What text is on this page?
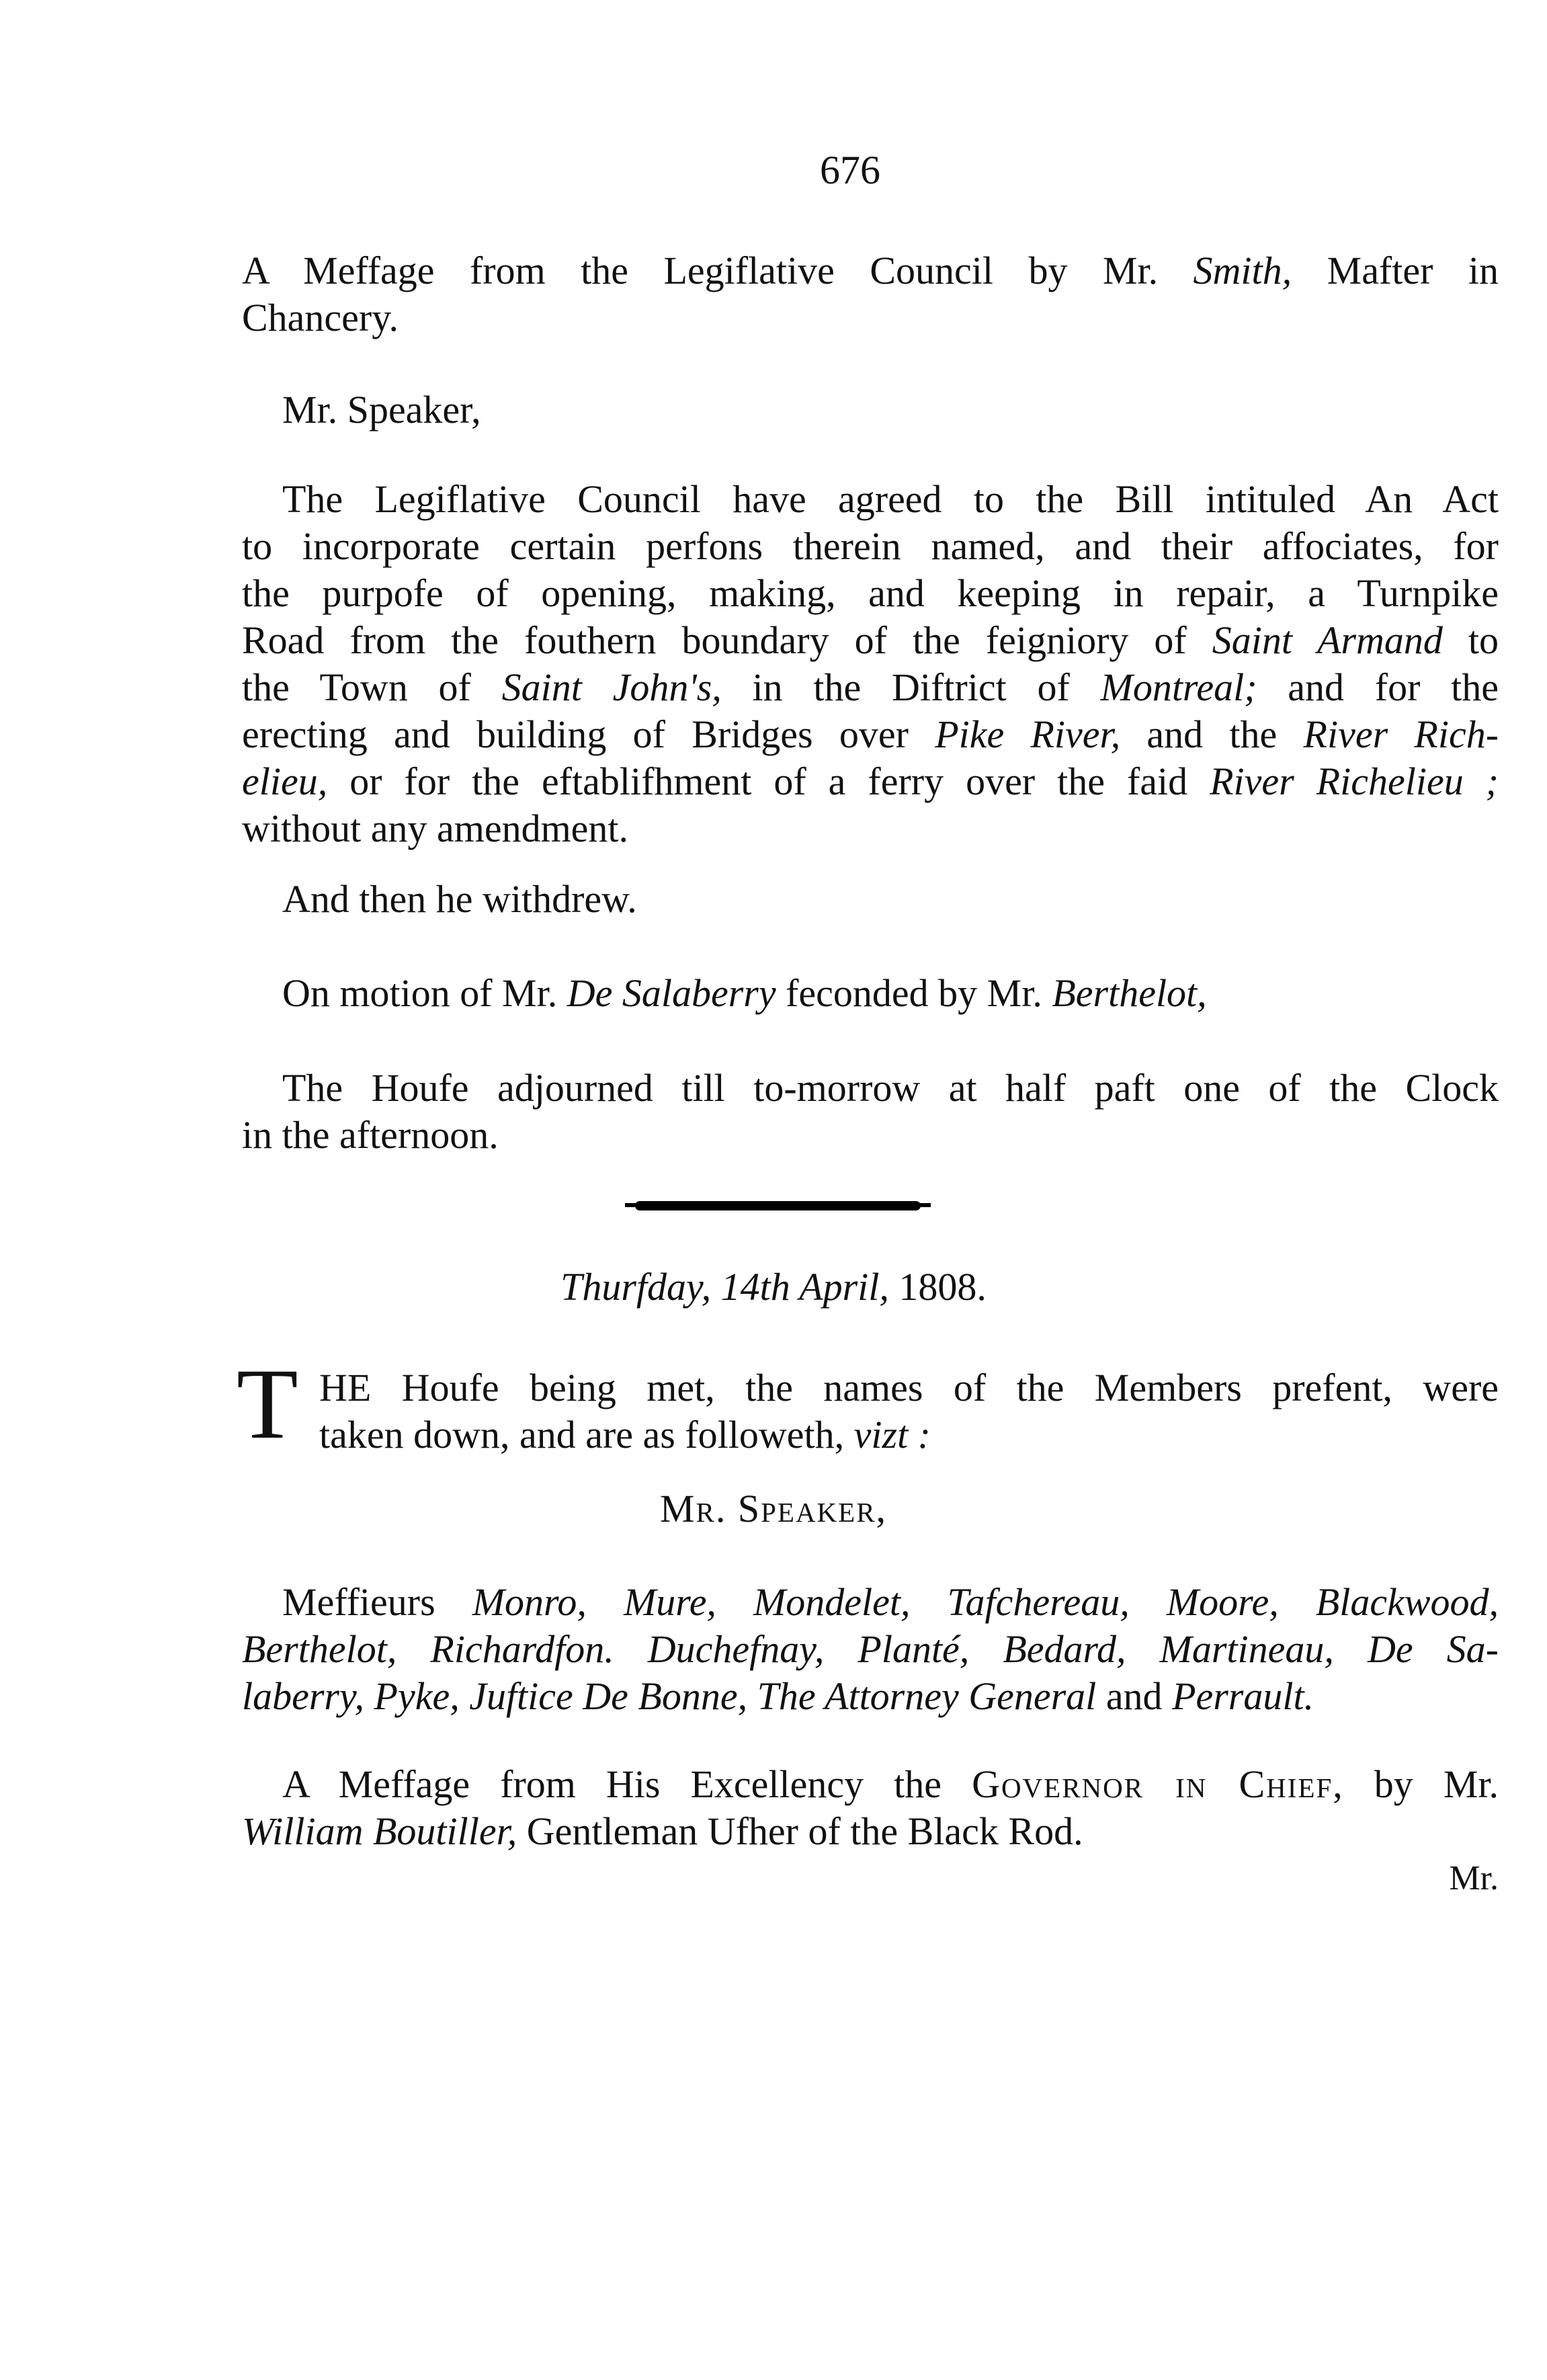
676
A Meffage from the Legiflative Council by Mr. Smith, Mafter in
Chancery.
Mr. Speaker,
The Legiflative Council have agreed to the Bill intituled An Act
to incorporate certain perfons therein named, and their affociates, for
the purpofe of opening, making, and keeping in repair, a Turnpike
Road from the fouthern boundary of the feigniory of Saint Armand to
the Town of Saint John's, in the Diftrict of Montreal; and for the
erecting and building of Bridges over Pike River, and the River Rich-
elieu, or for the eftablifhment of a ferry over the faid River Richelieu ;
without any amendment.
And then he withdrew.
On motion of Mr. De Salaberry feconded by Mr. Berthelot,
The Houfe adjourned till to-morrow at half paft one of the Clock
in the afternoon.
Thurfday, 14th April, 1808.
T HE Houfe being met, the names of the Members prefent, were
taken down, and are as followeth, vizt :
Mr. Speaker,
Meffieurs Monro, Mure, Mondelet, Tafchereau, Moore, Blackwood,
Berthelot, Richardfon. Duchefnay, Planté, Bedard, Martineau, De Sa-
laberry, Pyke, Juftice De Bonne, The Attorney General and Perrault.
A Meffage from His Excellency the Governor in Chief, by Mr.
William Boutiller, Gentleman Ufher of the Black Rod.
Mr.
